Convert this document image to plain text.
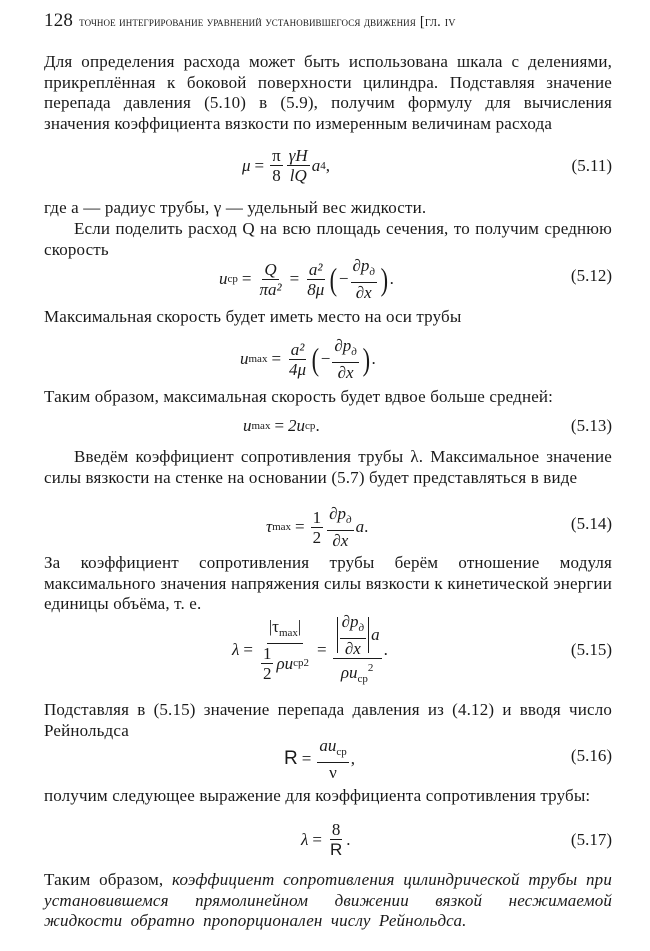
128 точное интегрирование уравнений установившегося движения [гл. iv

Для определения расхода может быть использована шкала с делениями, прикреплённая к боковой поверхности цилиндра. Подставляя значение перепада давления (5.10) в (5.9), получим формулу для вычисления значения коэффициента вязкости по измеренным величинам расхода

$\mu = \frac{\pi}{8} \frac{\gamma H}{lQ}$ a 4 ,	(5.11)

где a — радиус трубы, γ — удельный вес жидкости.

Если поделить расход Q на всю площадь сечения, то получим среднюю скорость

u ср = $\frac{Q}{\text{πa²}} = \frac{\text{a²}}{8\mu}$ ( − $\frac{\partial p_д}{\partial x}$ ) .	(5.12)

Максимальная скорость будет иметь место на оси трубы

u $\max = \frac{\text{a²}}{4\mu}$ ( − $\frac{\partial p_д}{\partial x}$ ) .

Таким образом, максимальная скорость будет вдвое больше средней:

u max = 2u ср .	(5.13)

Введём коэффициент сопротивления трубы λ. Максимальное значение силы вязкости на стенке на основании (5.7) будет представляться в виде

τ $\max = \frac{1}{2} \frac{\partial p_д}{\partial x}$ a .	(5.14)

За коэффициент сопротивления трубы берём отношение модуля максимального значения напряжения силы вязкости к кинетической энергии единицы объёма, т. е.

$\lambda = \frac{|\tau_{max}|}{\frac{1}{2} \rho u ср 2} = \frac{\frac{\partial p_д}{\partial x} a}{\rho u_{ср}^2}$ .	(5.15)

Подставляя в (5.15) значение перепада давления из (4.12) и вводя число Рейнольдса

$R = \frac{au_{ср}}{\nu}$ ,	(5.16)

получим следующее выражение для коэффициента сопротивления трубы:

$\lambda = \frac{8}{R}$ .	(5.17)

Таким образом, коэффициент сопротивления цилиндрической трубы при установившемся прямолинейном движении вязкой несжимаемой жидкости обратно пропорционален числу Рейнольдса.
